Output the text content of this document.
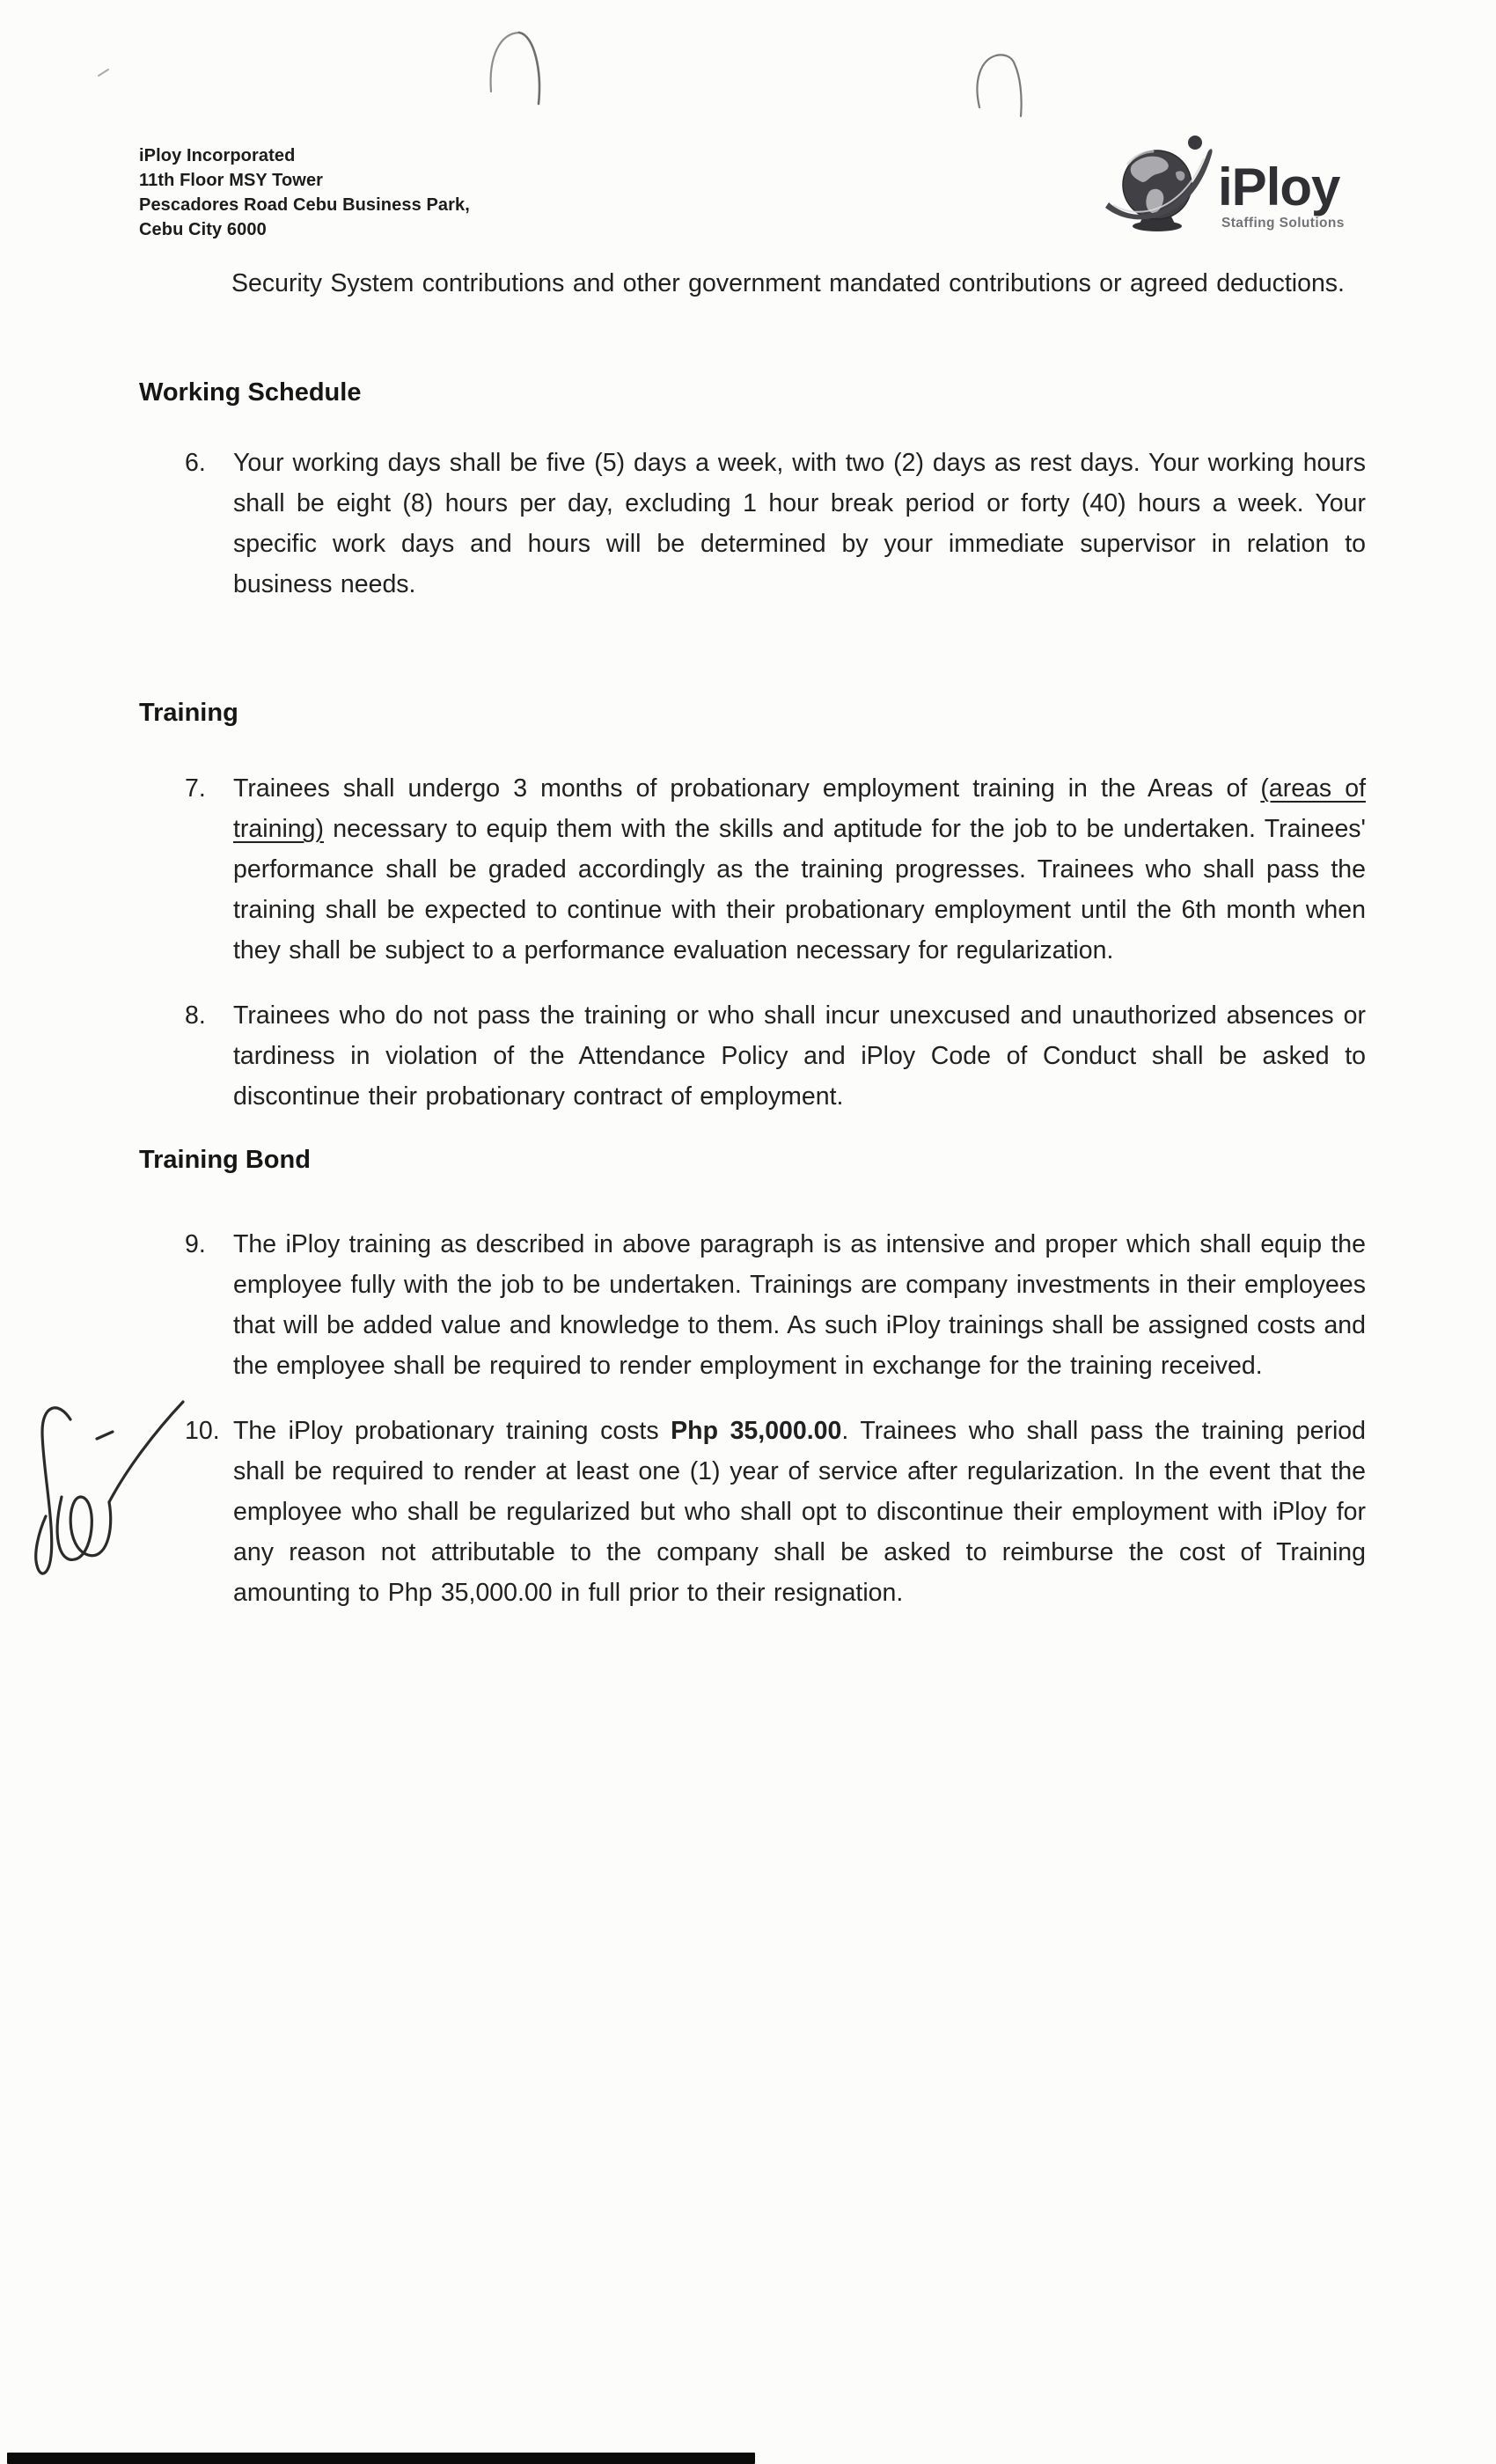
iPloy Incorporated
11th Floor MSY Tower
Pescadores Road Cebu Business Park,
Cebu City 6000
iPloy
Staffing Solutions

Security System contributions and other government mandated contributions or agreed deductions.

Working Schedule
6.	Your working days shall be five (5) days a week, with two (2) days as rest days. Your working hours shall be eight (8) hours per day, excluding 1 hour break period or forty (40) hours a week. Your specific work days and hours will be determined by your immediate supervisor in relation to business needs.
Training
7.	Trainees shall undergo 3 months of probationary employment training in the Areas of (areas of training) necessary to equip them with the skills and aptitude for the job to be undertaken. Trainees' performance shall be graded accordingly as the training progresses. Trainees who shall pass the training shall be expected to continue with their probationary employment until the 6th month when they shall be subject to a performance evaluation necessary for regularization.
8.	Trainees who do not pass the training or who shall incur unexcused and unauthorized absences or tardiness in violation of the Attendance Policy and iPloy Code of Conduct shall be asked to discontinue their probationary contract of employment.
Training Bond
9.	The iPloy training as described in above paragraph is as intensive and proper which shall equip the employee fully with the job to be undertaken. Trainings are company investments in their employees that will be added value and knowledge to them. As such iPloy trainings shall be assigned costs and the employee shall be required to render employment in exchange for the training received.
10. The iPloy probationary training costs Php 35,000.00. Trainees who shall pass the training period shall be required to render at least one (1) year of service after regularization. In the event that the employee who shall be regularized but who shall opt to discontinue their employment with iPloy for any reason not attributable to the company shall be asked to reimburse the cost of Training amounting to Php 35,000.00 in full prior to their resignation.
